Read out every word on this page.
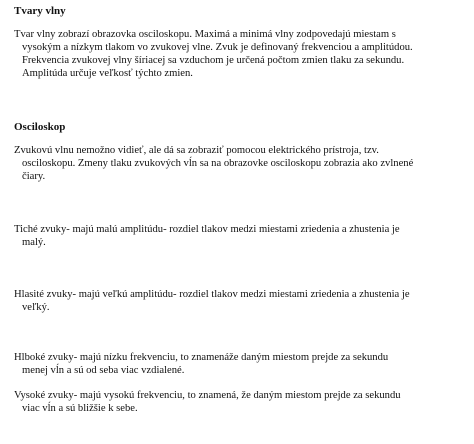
Tvary vlny

Tvar vlny zobrazí obrazovka osciloskopu. Maximá a minimá vlny zodpovedajú miestam s
vysokým a nízkym tlakom vo zvukovej vlne. Zvuk je definovaný frekvenciou a amplitúdou.
Frekvencia zvukovej vlny šíriacej sa vzduchom je určená počtom zmien tlaku za sekundu.
Amplitúda určuje veľkosť týchto zmien.

Osciloskop

Zvukovú vlnu nemožno vidieť, ale dá sa zobraziť pomocou elektrického prístroja, tzv.
osciloskopu. Zmeny tlaku zvukových vĺn sa na obrazovke osciloskopu zobrazia ako zvlnené
čiary.

Tiché zvuky- majú malú amplitúdu- rozdiel tlakov medzi miestami zriedenia a zhustenia je
malý.

Hlasité zvuky- majú veľkú amplitúdu- rozdiel tlakov medzi miestami zriedenia a zhustenia je
veľký.

Hlboké zvuky- majú nízku frekvenciu, to znamenáže daným miestom prejde za sekundu
menej vĺn a sú od seba viac vzdialené.

Vysoké zvuky- majú vysokú frekvenciu, to znamená, že daným miestom prejde za sekundu
viac vĺn a sú bližšie k sebe.
